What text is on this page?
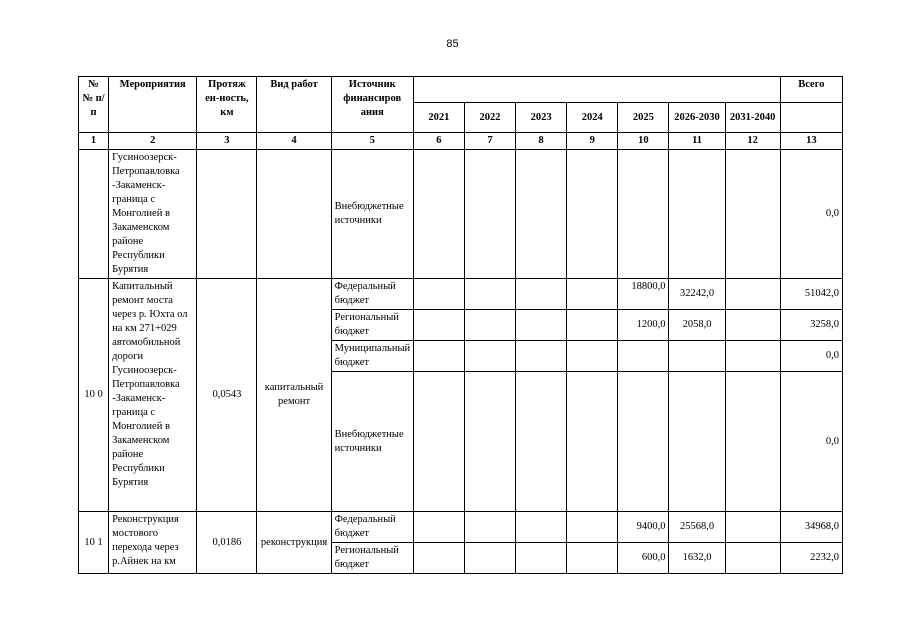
85
№ № п/п	Мероприятия	Протяж ен-ность, км	Вид работ	Источник финансиров ания								Всего
					2021	2022	2023	2024	2025	2026-2030	2031-2040	
1	2	3	4	5	6	7	8	9	10	11	12	13
	Гусиноозерск-Петропавловка -Закаменск-граница с Монголией в Закаменском районе Республики Бурятия			Внебюджетные источники								0,0
10 0	Капитальный ремонт моста через р. Юхта ол на км 271+029 автомобильной дороги Гусиноозерск-Петропавловка -Закаменск-граница с Монголией в Закаменском районе Республики Бурятия	0,0543	капитальный ремонт	Федеральный бюджет					18800,0	32242,0		51042,0
				Региональный бюджет					1200,0	2058,0		3258,0
				Муниципальный бюджет								0,0
				Внебюджетные источники								0,0
10 1	Реконструкция мостового перехода через р.Айнек на км	0,0186	реконструкция	Федеральный бюджет					9400,0	25568,0		34968,0
				Региональный бюджет					600,0	1632,0		2232,0
